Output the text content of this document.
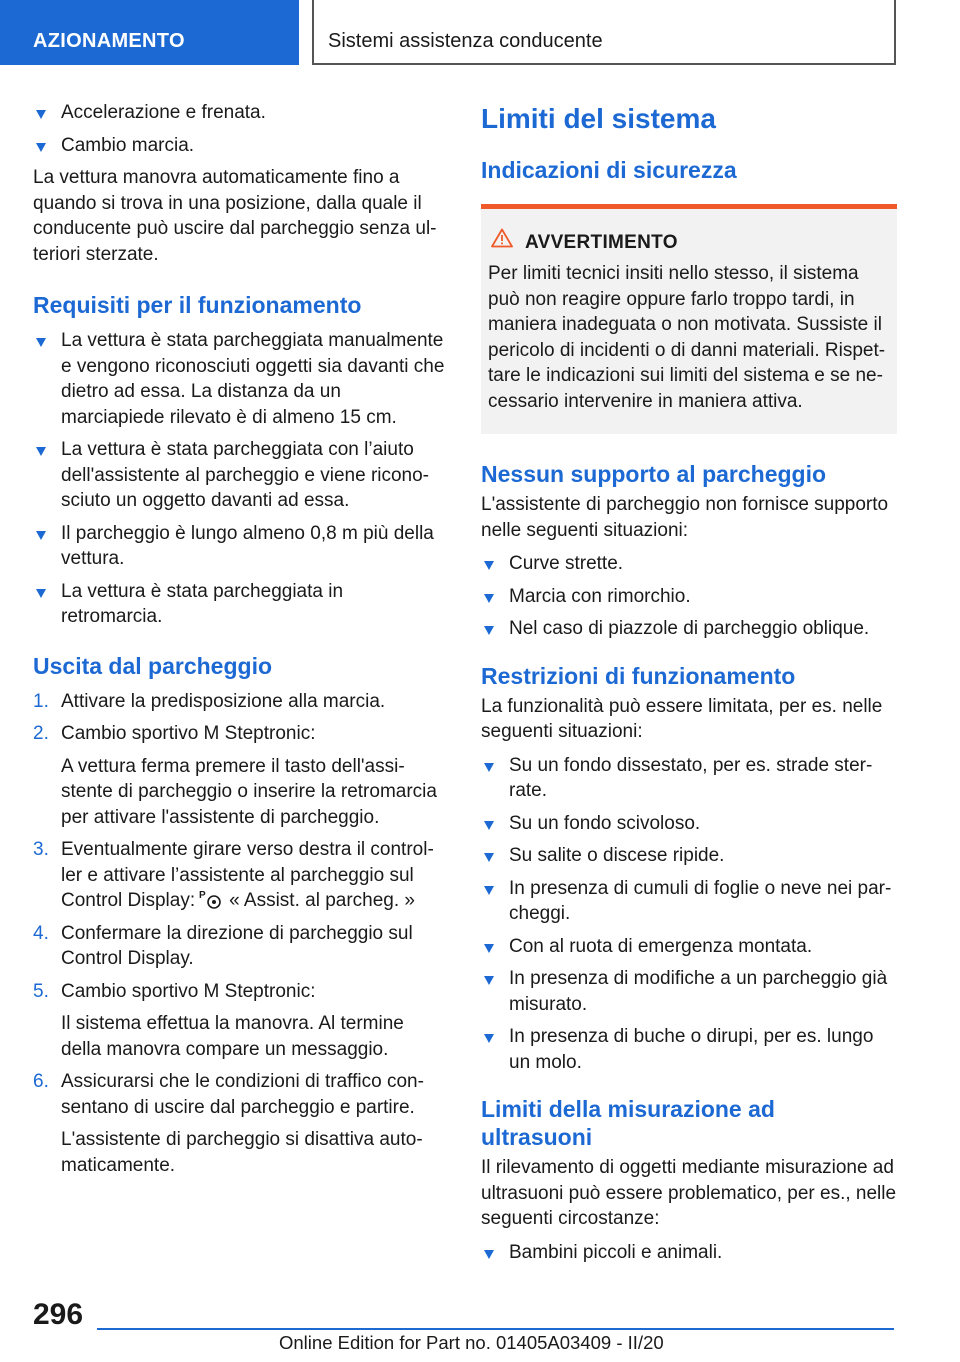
AZIONAMENTO	Sistemi assistenza conducente
Accelerazione e frenata.
Cambio marcia.

La vettura manovra automaticamente fino a quando si trova in una posizione, dalla quale il conducente può uscire dal parcheggio senza ul- teriori sterzate.

Requisiti per il funzionamento
La vettura è stata parcheggiata manualmente e vengono riconosciuti oggetti sia davanti che dietro ad essa. La distanza da un marciapiede rilevato è di almeno 15 cm.
La vettura è stata parcheggiata con l’aiuto dell'assistente al parcheggio e viene ricono- sciuto un oggetto davanti ad essa.
Il parcheggio è lungo almeno 0,8 m più della vettura.
La vettura è stata parcheggiata in retromarcia.
Uscita dal parcheggio
1. Attivare la predisposizione alla marcia.
2. Cambio sportivo M Steptronic:

A vettura ferma premere il tasto dell'assi- stente di parcheggio o inserire la retromarcia per attivare l'assistente di parcheggio.

3. Eventualmente girare verso destra il control- ler e attivare l’assistente al parcheggio sul Control Display: P « Assist. al parcheg. »
4. Confermare la direzione di parcheggio sul Control Display.
5. Cambio sportivo M Steptronic:

Il sistema effettua la manovra. Al termine della manovra compare un messaggio.

6. Assicurarsi che le condizioni di traffico con- sentano di uscire dal parcheggio e partire.

L'assistente di parcheggio si disattiva auto- maticamente.

Limiti del sistema
Indicazioni di sicurezza
AVVERTIMENTO

Per limiti tecnici insiti nello stesso, il sistema può non reagire oppure farlo troppo tardi, in maniera inadeguata o non motivata. Sussiste il pericolo di incidenti o di danni materiali. Rispet- tare le indicazioni sui limiti del sistema e se ne- cessario intervenire in maniera attiva.

Nessun supporto al parcheggio

L'assistente di parcheggio non fornisce supporto nelle seguenti situazioni:

Curve strette.
Marcia con rimorchio.
Nel caso di piazzole di parcheggio oblique.
Restrizioni di funzionamento

La funzionalità può essere limitata, per es. nelle seguenti situazioni:

Su un fondo dissestato, per es. strade ster- rate.
Su un fondo scivoloso.
Su salite o discese ripide.
In presenza di cumuli di foglie o neve nei par- cheggi.
Con al ruota di emergenza montata.
In presenza di modifiche a un parcheggio già misurato.
In presenza di buche o dirupi, per es. lungo un molo.
Limiti della misurazione ad ultrasuoni

Il rilevamento di oggetti mediante misurazione ad ultrasuoni può essere problematico, per es., nelle seguenti circostanze:

Bambini piccoli e animali.
296
Online Edition for Part no. 01405A03409 - II/20
